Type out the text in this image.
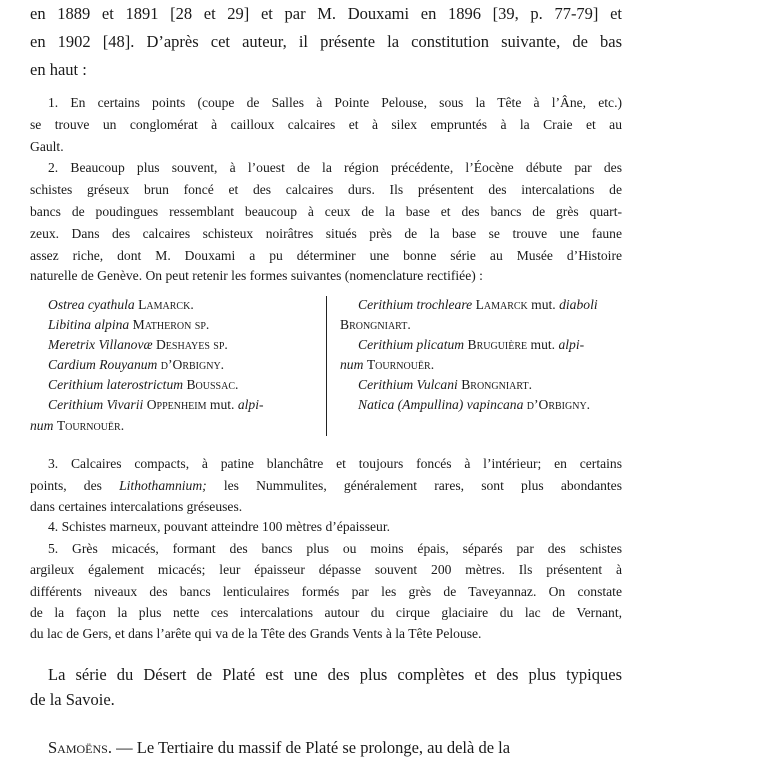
en 1889 et 1891 [28 et 29] et par M. Douxami en 1896 [39, p. 77-79] et
en 1902 [48]. D’après cet auteur, il présente la constitution suivante, de bas
en haut :
1. En certains points (coupe de Salles à Pointe Pelouse, sous la Tête à l’Âne, etc.)
se trouve un conglomérat à cailloux calcaires et à silex empruntés à la Craie et au
Gault.
2. Beaucoup plus souvent, à l’ouest de la région précédente, l’Éocène débute par des
schistes gréseux brun foncé et des calcaires durs. Ils présentent des intercalations de
bancs de poudingues ressemblant beaucoup à ceux de la base et des bancs de grès quart-
zeux. Dans des calcaires schisteux noirâtres situés près de la base se trouve une faune
assez riche, dont M. Douxami a pu déterminer une bonne série au Musée d’Histoire
naturelle de Genève. On peut retenir les formes suivantes (nomenclature rectifiée) :
Ostrea cyathula Lamarck.
Libitina alpina Matheron sp.
Meretrix Villanovæ Deshayes sp.
Cardium Rouyanum d’Orbigny.
Cerithium laterostrictum Boussac.
Cerithium Vivarii Oppenheim mut. alpi-
num Tournouër.
Cerithium trochleare Lamarck mut. diaboli
Brongniart.
Cerithium plicatum Bruguière mut. alpi-
num Tournouër.
Cerithium Vulcani Brongniart.
Natica (Ampullina) vapincana d’Orbigny.
3. Calcaires compacts, à patine blanchâtre et toujours foncés à l’intérieur; en certains
points, des Lithothamnium; les Nummulites, généralement rares, sont plus abondantes
dans certaines intercalations gréseuses.
4. Schistes marneux, pouvant atteindre 100 mètres d’épaisseur.
5. Grès micacés, formant des bancs plus ou moins épais, séparés par des schistes
argileux également micacés; leur épaisseur dépasse souvent 200 mètres. Ils présentent à
différents niveaux des bancs lenticulaires formés par les grès de Taveyannaz. On constate
de la façon la plus nette ces intercalations autour du cirque glaciaire du lac de Vernant,
du lac de Gers, et dans l’arête qui va de la Tête des Grands Vents à la Tête Pelouse.
La série du Désert de Platé est une des plus complètes et des plus typiques
de la Savoie.
Samoëns. — Le Tertiaire du massif de Platé se prolonge, au delà de la
